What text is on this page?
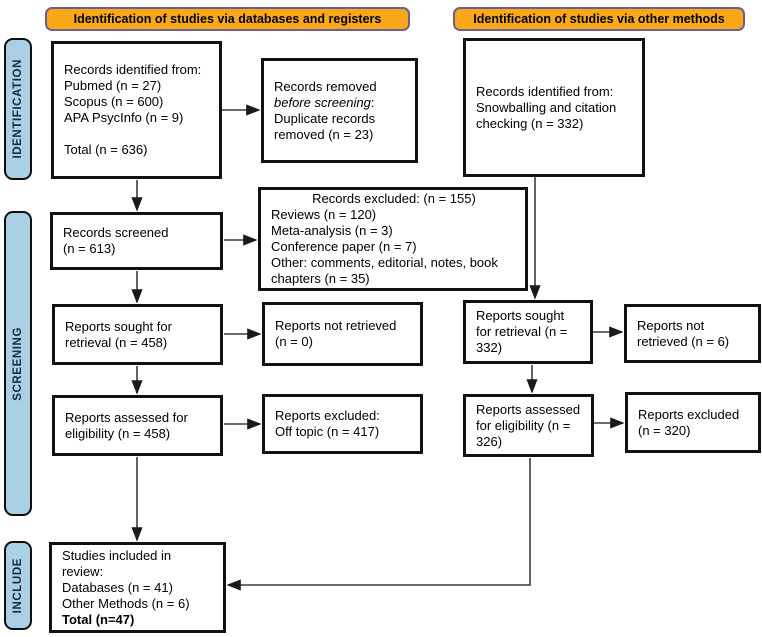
Identification of studies via databases and registers	Identification of studies via other methods
IDENTIFICATION
SCREENING
INCLUDE
Records identified from:
Pubmed (n = 27)
Scopus (n = 600)
APA PsycInfo (n = 9)

Total (n = 636)
Records screened
(n = 613)
Reports sought for
retrieval (n = 458)
Reports assessed for
eligibility (n = 458)
Studies included in
review:
Databases (n = 41)
Other Methods (n = 6)
Total (n=47)
Records removed
before screening:
Duplicate records
removed (n = 23)
Records excluded: (n = 155)
Reviews (n = 120)
Meta-analysis (n = 3)
Conference paper (n = 7)
Other: comments, editorial, notes, book
chapters (n = 35)
Reports not retrieved
(n = 0)
Reports excluded:
Off topic (n = 417)
Records identified from:
Snowballing and citation
checking (n = 332)
Reports sought
for retrieval (n =
332)
Reports assessed
for eligibility (n =
326)
Reports not
retrieved (n = 6)
Reports excluded
(n = 320)
